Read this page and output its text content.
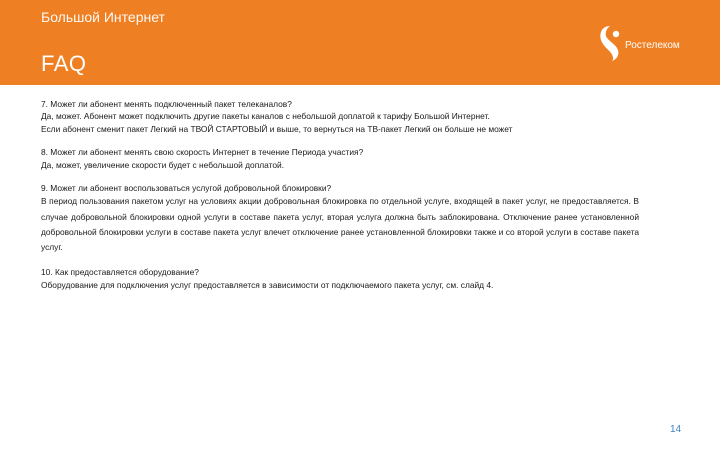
Большой Интернет
FAQ
Ростелеком

7. Может ли абонент менять подключенный пакет телеканалов?

Да, может. Абонент может подключить другие пакеты каналов с небольшой доплатой к тарифу Большой Интернет.

Если абонент сменит пакет Легкий на ТВОЙ СТАРТОВЫЙ и выше, то вернуться на ТВ-пакет Легкий он больше не может

8. Может ли абонент менять свою скорость Интернет в течение Периода участия?

Да, может, увеличение скорости будет с небольшой доплатой.

9. Может ли абонент воспользоваться услугой добровольной блокировки?

В период пользования пакетом услуг на условиях акции добровольная блокировка по отдельной услуге, входящей в пакет услуг, не предоставляется. В случае добровольной блокировки одной услуги в составе пакета услуг, вторая услуга должна быть заблокирована. Отключение ранее установленной добровольной блокировки услуги в составе пакета услуг влечет отключение ранее установленной блокировки также и со второй услуги в составе пакета услуг.

10. Как предоставляется оборудование?

Оборудование для подключения услуг предоставляется в зависимости от подключаемого пакета услуг, см. слайд 4.

14
